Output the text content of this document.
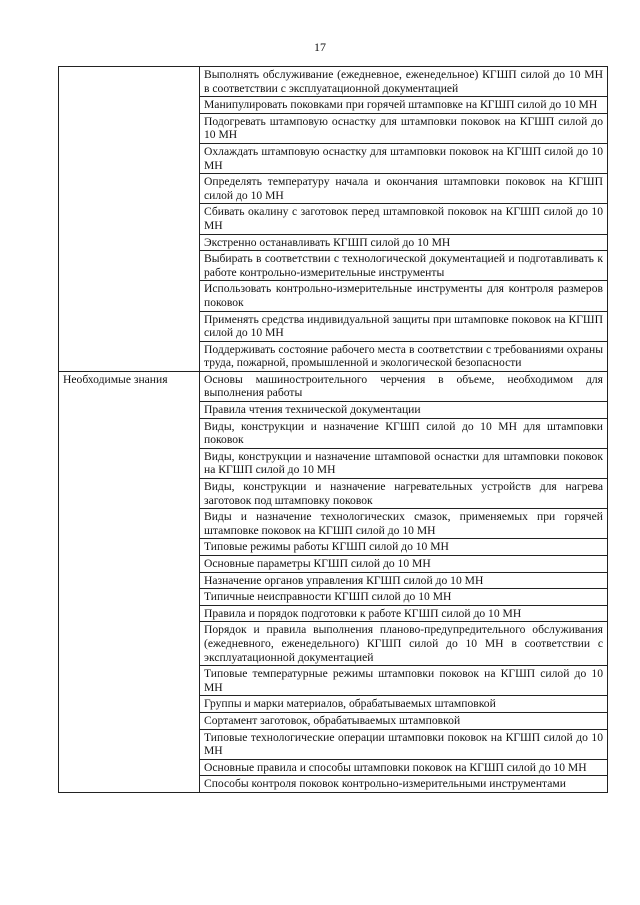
17
	Выполнять обслуживание (ежедневное, еженедельное) КГШП силой до 10 МН в соответствии с эксплуатационной документацией
	Манипулировать поковками при горячей штамповке на КГШП силой до 10 МН
	Подогревать штамповую оснастку для штамповки поковок на КГШП силой до 10 МН
	Охлаждать штамповую оснастку для штамповки поковок на КГШП силой до 10 МН
	Определять температуру начала и окончания штамповки поковок на КГШП силой до 10 МН
	Сбивать окалину с заготовок перед штамповкой поковок на КГШП силой до 10 МН
	Экстренно останавливать КГШП силой до 10 МН
	Выбирать в соответствии с технологической документацией и подготавливать к работе контрольно-измерительные инструменты
	Использовать контрольно-измерительные инструменты для контроля размеров поковок
	Применять средства индивидуальной защиты при штамповке поковок на КГШП силой до 10 МН
	Поддерживать состояние рабочего места в соответствии с требованиями охраны труда, пожарной, промышленной и экологической безопасности
Необходимые знания	Основы машиностроительного черчения в объеме, необходимом для выполнения работы
	Правила чтения технической документации
	Виды, конструкции и назначение КГШП силой до 10 МН для штамповки поковок
	Виды, конструкции и назначение штамповой оснастки для штамповки поковок на КГШП силой до 10 МН
	Виды, конструкции и назначение нагревательных устройств для нагрева заготовок под штамповку поковок
	Виды и назначение технологических смазок, применяемых при горячей штамповке поковок на КГШП силой до 10 МН
	Типовые режимы работы КГШП силой до 10 МН
	Основные параметры КГШП силой до 10 МН
	Назначение органов управления КГШП силой до 10 МН
	Типичные неисправности КГШП силой до 10 МН
	Правила и порядок подготовки к работе КГШП силой до 10 МН
	Порядок и правила выполнения планово-предупредительного обслуживания (ежедневного, еженедельного) КГШП силой до 10 МН в соответствии с эксплуатационной документацией
	Типовые температурные режимы штамповки поковок на КГШП силой до 10 МН
	Группы и марки материалов, обрабатываемых штамповкой
	Сортамент заготовок, обрабатываемых штамповкой
	Типовые технологические операции штамповки поковок на КГШП силой до 10 МН
	Основные правила и способы штамповки поковок на КГШП силой до 10 МН
	Способы контроля поковок контрольно-измерительными инструментами
